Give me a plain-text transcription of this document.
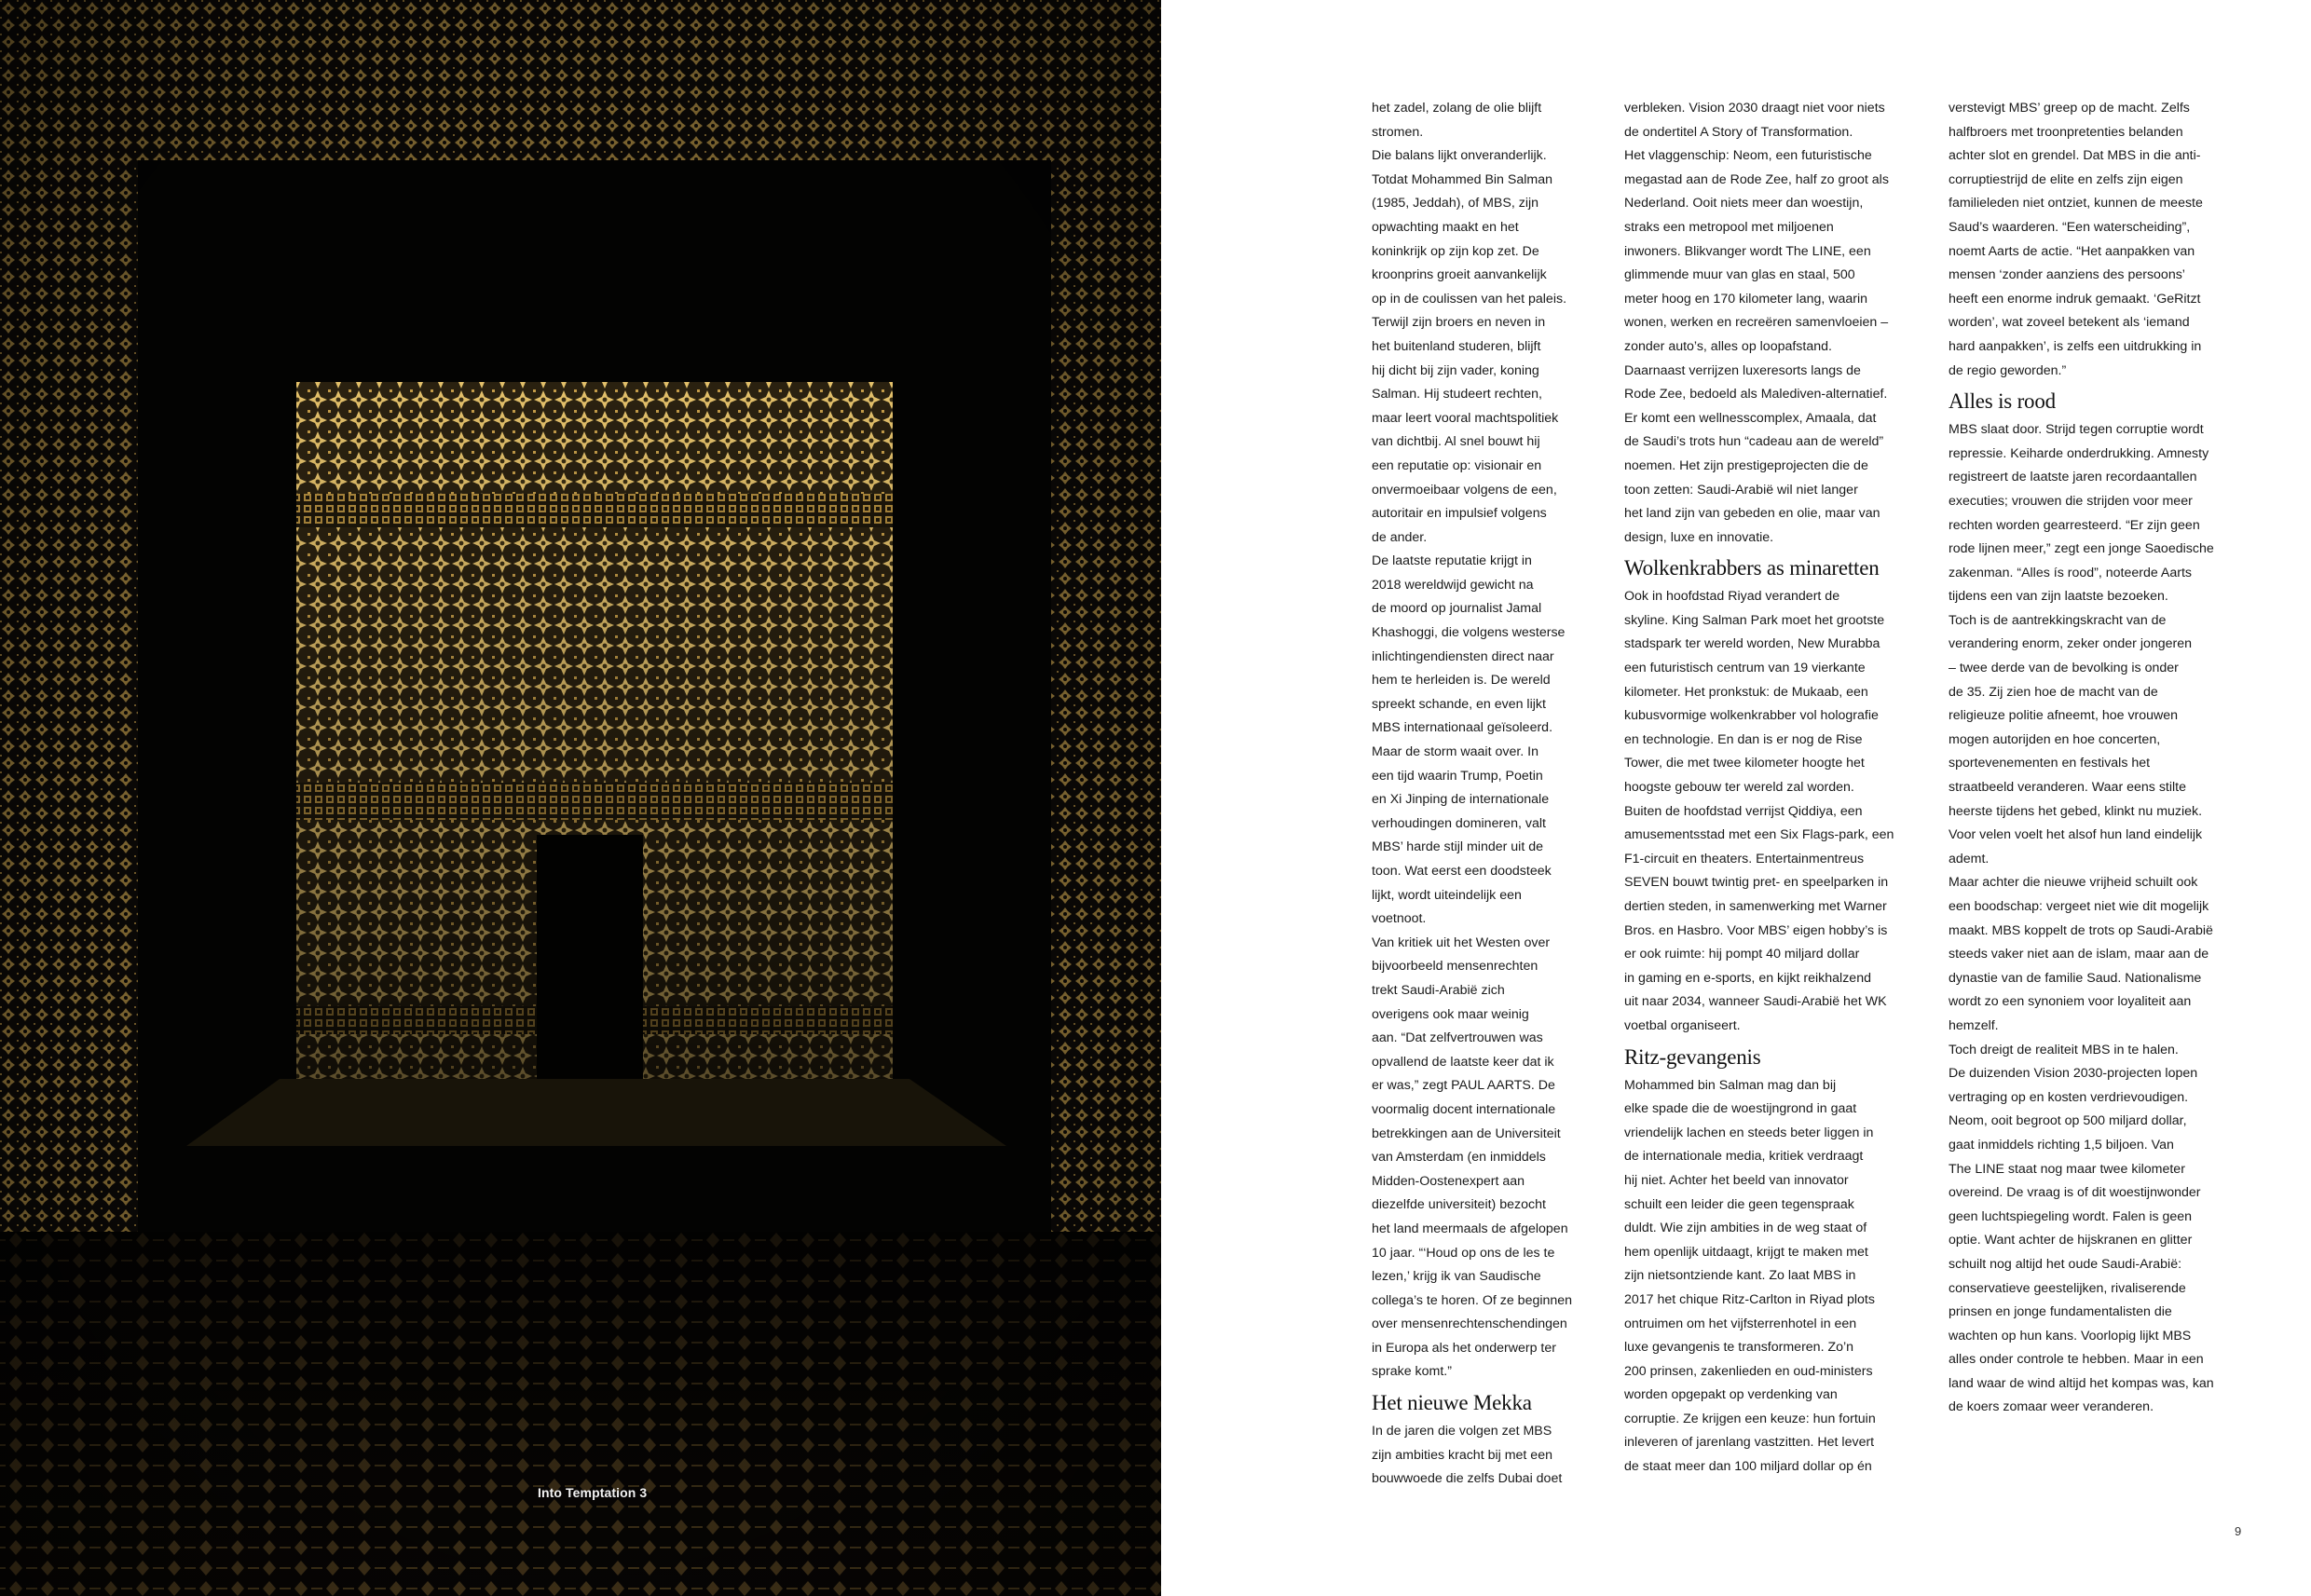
Into Temptation 3
het zadel, zolang de olie blijft
stromen.
Die balans lijkt onveranderlijk.
Totdat Mohammed Bin Salman
(1985, Jeddah), of MBS, zijn
opwachting maakt en het
koninkrijk op zijn kop zet. De
kroonprins groeit aanvankelijk
op in de coulissen van het paleis.
Terwijl zijn broers en neven in
het buitenland studeren, blijft
hij dicht bij zijn vader, koning
Salman. Hij studeert rechten,
maar leert vooral machtspolitiek
van dichtbij. Al snel bouwt hij
een reputatie op: visionair en
onvermoeibaar volgens de een,
autoritair en impulsief volgens
de ander.
De laatste reputatie krijgt in
2018 wereldwijd gewicht na
de moord op journalist Jamal
Khashoggi, die volgens westerse
inlichtingendiensten direct naar
hem te herleiden is. De wereld
spreekt schande, en even lijkt
MBS internationaal geïsoleerd.
Maar de storm waait over. In
een tijd waarin Trump, Poetin
en Xi Jinping de internationale
verhoudingen domineren, valt
MBS’ harde stijl minder uit de
toon. Wat eerst een doodsteek
lijkt, wordt uiteindelijk een
voetnoot.
Van kritiek uit het Westen over
bijvoorbeeld mensenrechten
trekt Saudi-Arabië zich
overigens ook maar weinig
aan. “Dat zelfvertrouwen was
opvallend de laatste keer dat ik
er was,” zegt PAUL AARTS. De
voormalig docent internationale
betrekkingen aan de Universiteit
van Amsterdam (en inmiddels
Midden-Oostenexpert aan
diezelfde universiteit) bezocht
het land meermaals de afgelopen
10 jaar. “‘Houd op ons de les te
lezen,’ krijg ik van Saudische
collega’s te horen. Of ze beginnen
over mensenrechtenschendingen
in Europa als het onderwerp ter
sprake komt.”
Het nieuwe Mekka
In de jaren die volgen zet MBS
zijn ambities kracht bij met een
bouwwoede die zelfs Dubai doet
verbleken. Vision 2030 draagt niet voor niets
de ondertitel A Story of Transformation.
Het vlaggenschip: Neom, een futuristische
megastad aan de Rode Zee, half zo groot als
Nederland. Ooit niets meer dan woestijn,
straks een metropool met miljoenen
inwoners. Blikvanger wordt The LINE, een
glimmende muur van glas en staal, 500
meter hoog en 170 kilometer lang, waarin
wonen, werken en recreëren samenvloeien –
zonder auto’s, alles op loopafstand.
Daarnaast verrijzen luxeresorts langs de
Rode Zee, bedoeld als Malediven-alternatief.
Er komt een wellnesscomplex, Amaala, dat
de Saudi’s trots hun “cadeau aan de wereld”
noemen. Het zijn prestigeprojecten die de
toon zetten: Saudi-Arabië wil niet langer
het land zijn van gebeden en olie, maar van
design, luxe en innovatie.
Wolkenkrabbers as minaretten
Ook in hoofdstad Riyad verandert de
skyline. King Salman Park moet het grootste
stadspark ter wereld worden, New Murabba
een futuristisch centrum van 19 vierkante
kilometer. Het pronkstuk: de Mukaab, een
kubusvormige wolkenkrabber vol holografie
en technologie. En dan is er nog de Rise
Tower, die met twee kilometer hoogte het
hoogste gebouw ter wereld zal worden.
Buiten de hoofdstad verrijst Qiddiya, een
amusementsstad met een Six Flags-park, een
F1-circuit en theaters. Entertainmentreus
SEVEN bouwt twintig pret- en speelparken in
dertien steden, in samenwerking met Warner
Bros. en Hasbro. Voor MBS’ eigen hobby’s is
er ook ruimte: hij pompt 40 miljard dollar
in gaming en e-sports, en kijkt reikhalzend
uit naar 2034, wanneer Saudi-Arabië het WK
voetbal organiseert.
Ritz-gevangenis
Mohammed bin Salman mag dan bij
elke spade die de woestijngrond in gaat
vriendelijk lachen en steeds beter liggen in
de internationale media, kritiek verdraagt
hij niet. Achter het beeld van innovator
schuilt een leider die geen tegenspraak
duldt. Wie zijn ambities in de weg staat of
hem openlijk uitdaagt, krijgt te maken met
zijn nietsontziende kant. Zo laat MBS in
2017 het chique Ritz-Carlton in Riyad plots
ontruimen om het vijfsterrenhotel in een
luxe gevangenis te transformeren. Zo’n
200 prinsen, zakenlieden en oud-ministers
worden opgepakt op verdenking van
corruptie. Ze krijgen een keuze: hun fortuin
inleveren of jarenlang vastzitten. Het levert
de staat meer dan 100 miljard dollar op én
verstevigt MBS’ greep op de macht. Zelfs
halfbroers met troonpretenties belanden
achter slot en grendel. Dat MBS in die anti-
corruptiestrijd de elite en zelfs zijn eigen
familieleden niet ontziet, kunnen de meeste
Saud’s waarderen. “Een waterscheiding”,
noemt Aarts de actie. “Het aanpakken van
mensen ‘zonder aanziens des persoons’
heeft een enorme indruk gemaakt. ‘GeRitzt
worden’, wat zoveel betekent als ‘iemand
hard aanpakken’, is zelfs een uitdrukking in
de regio geworden.”
Alles is rood
MBS slaat door. Strijd tegen corruptie wordt
repressie. Keiharde onderdrukking. Amnesty
registreert de laatste jaren recordaantallen
executies; vrouwen die strijden voor meer
rechten worden gearresteerd. “Er zijn geen
rode lijnen meer,” zegt een jonge Saoedische
zakenman. “Alles ís rood”, noteerde Aarts
tijdens een van zijn laatste bezoeken.
Toch is de aantrekkingskracht van de
verandering enorm, zeker onder jongeren
– twee derde van de bevolking is onder
de 35. Zij zien hoe de macht van de
religieuze politie afneemt, hoe vrouwen
mogen autorijden en hoe concerten,
sportevenementen en festivals het
straatbeeld veranderen. Waar eens stilte
heerste tijdens het gebed, klinkt nu muziek.
Voor velen voelt het alsof hun land eindelijk
ademt.
Maar achter die nieuwe vrijheid schuilt ook
een boodschap: vergeet niet wie dit mogelijk
maakt. MBS koppelt de trots op Saudi-Arabië
steeds vaker niet aan de islam, maar aan de
dynastie van de familie Saud. Nationalisme
wordt zo een synoniem voor loyaliteit aan
hemzelf.
Toch dreigt de realiteit MBS in te halen.
De duizenden Vision 2030-projecten lopen
vertraging op en kosten verdrievoudigen.
Neom, ooit begroot op 500 miljard dollar,
gaat inmiddels richting 1,5 biljoen. Van
The LINE staat nog maar twee kilometer
overeind. De vraag is of dit woestijnwonder
geen luchtspiegeling wordt. Falen is geen
optie. Want achter de hijskranen en glitter
schuilt nog altijd het oude Saudi-Arabië:
conservatieve geestelijken, rivaliserende
prinsen en jonge fundamentalisten die
wachten op hun kans. Voorlopig lijkt MBS
alles onder controle te hebben. Maar in een
land waar de wind altijd het kompas was, kan
de koers zomaar weer veranderen.
9
